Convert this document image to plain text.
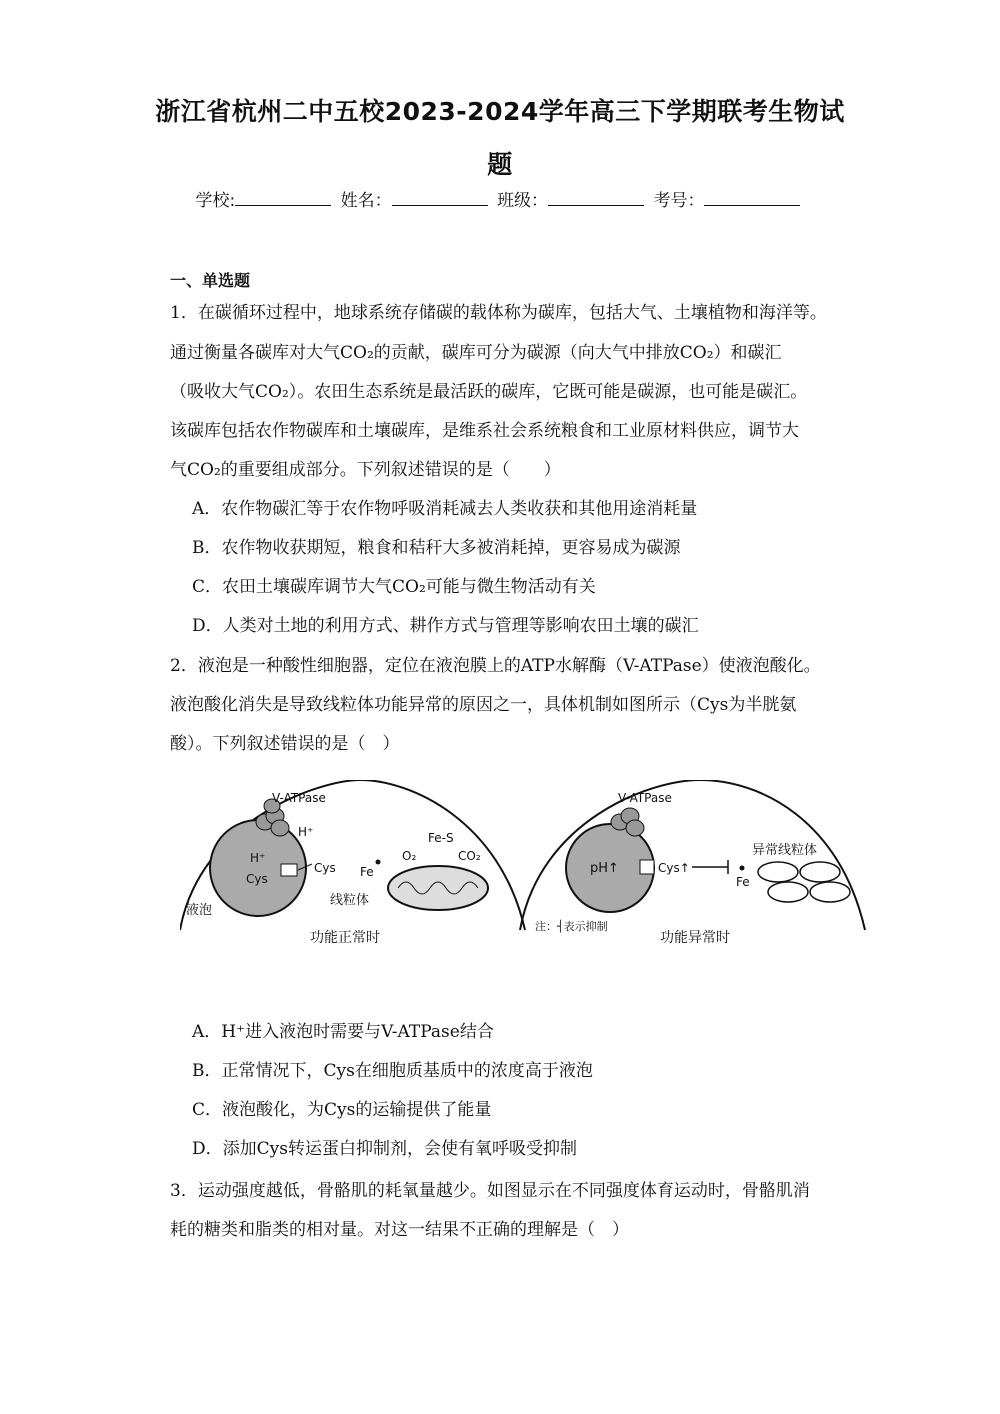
浙江省杭州二中五校2023-2024学年高三下学期联考生物试
题
学校:	姓名：	班级：	考号：
一、单选题
1．在碳循环过程中，地球系统存储碳的载体称为碳库，包括大气、土壤植物和海洋等。
通过衡量各碳库对大气CO₂的贡献，碳库可分为碳源（向大气中排放CO₂）和碳汇
（吸收大气CO₂）。农田生态系统是最活跃的碳库，它既可能是碳源，也可能是碳汇。
该碳库包括农作物碳库和土壤碳库，是维系社会系统粮食和工业原材料供应，调节大
气CO₂的重要组成部分。下列叙述错误的是（　　）
A．农作物碳汇等于农作物呼吸消耗减去人类收获和其他用途消耗量
B．农作物收获期短，粮食和秸秆大多被消耗掉，更容易成为碳源
C．农田土壤碳库调节大气CO₂可能与微生物活动有关
D．人类对土地的利用方式、耕作方式与管理等影响农田土壤的碳汇
2．液泡是一种酸性细胞器，定位在液泡膜上的ATP水解酶（V-ATPase）使液泡酸化。
液泡酸化消失是导致线粒体功能异常的原因之一，具体机制如图所示（Cys为半胱氨
酸）。下列叙述错误的是（　）
V-ATPase
H⁺
H⁺
Cys
Cys
液泡
Fe
O₂
Fe-S
CO₂
线粒体
功能正常时
V-ATPase
pH↑	Cys↑
Fe
异常线粒体
注：┤表示抑制
功能异常时
A．H⁺进入液泡时需要与V-ATPase结合
B．正常情况下，Cys在细胞质基质中的浓度高于液泡
C．液泡酸化，为Cys的运输提供了能量
D．添加Cys转运蛋白抑制剂，会使有氧呼吸受抑制
3．运动强度越低，骨骼肌的耗氧量越少。如图显示在不同强度体育运动时，骨骼肌消
耗的糖类和脂类的相对量。对这一结果不正确的理解是（　）
